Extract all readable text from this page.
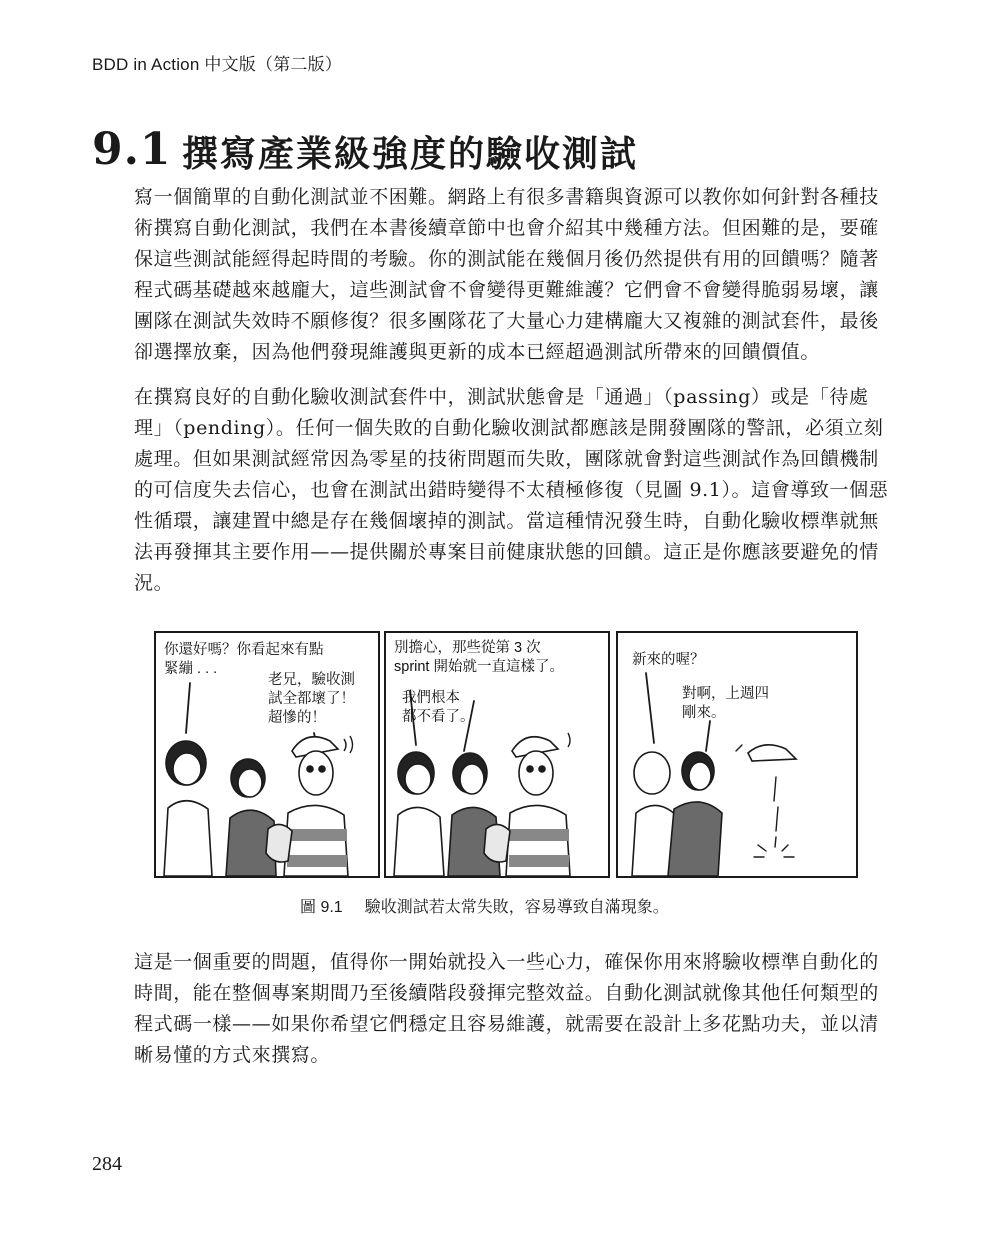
BDD in Action 中文版（第二版）
9.1 撰寫產業級強度的驗收測試
寫一個簡單的自動化測試並不困難。網路上有很多書籍與資源可以教你如何針對各種技
術撰寫自動化測試，我們在本書後續章節中也會介紹其中幾種方法。但困難的是，要確
保這些測試能經得起時間的考驗。你的測試能在幾個月後仍然提供有用的回饋嗎？隨著
程式碼基礎越來越龐大，這些測試會不會變得更難維護？它們會不會變得脆弱易壞，讓
團隊在測試失效時不願修復？很多團隊花了大量心力建構龐大又複雜的測試套件，最後
卻選擇放棄，因為他們發現維護與更新的成本已經超過測試所帶來的回饋價值。
在撰寫良好的自動化驗收測試套件中，測試狀態會是「通過」（passing）或是「待處
理」（pending）。任何一個失敗的自動化驗收測試都應該是開發團隊的警訊，必須立刻
處理。但如果測試經常因為零星的技術問題而失敗，團隊就會對這些測試作為回饋機制
的可信度失去信心，也會在測試出錯時變得不太積極修復（見圖 9.1）。這會導致一個惡
性循環，讓建置中總是存在幾個壞掉的測試。當這種情況發生時，自動化驗收標準就無
法再發揮其主要作用——提供關於專案目前健康狀態的回饋。這正是你應該要避免的情
況。
你還好嗎？你看起來有點
緊繃 . . .
老兄，驗收測
試全都壞了！
超慘的！
別擔心，那些從第 3 次
sprint 開始就一直這樣了。
我們根本
都不看了。
新來的喔？
對啊，上週四
剛來。
圖 9.1 驗收測試若太常失敗，容易導致自滿現象。
這是一個重要的問題，值得你一開始就投入一些心力，確保你用來將驗收標準自動化的
時間，能在整個專案期間乃至後續階段發揮完整效益。自動化測試就像其他任何類型的
程式碼一樣——如果你希望它們穩定且容易維護，就需要在設計上多花點功夫，並以清
晰易懂的方式來撰寫。
284
